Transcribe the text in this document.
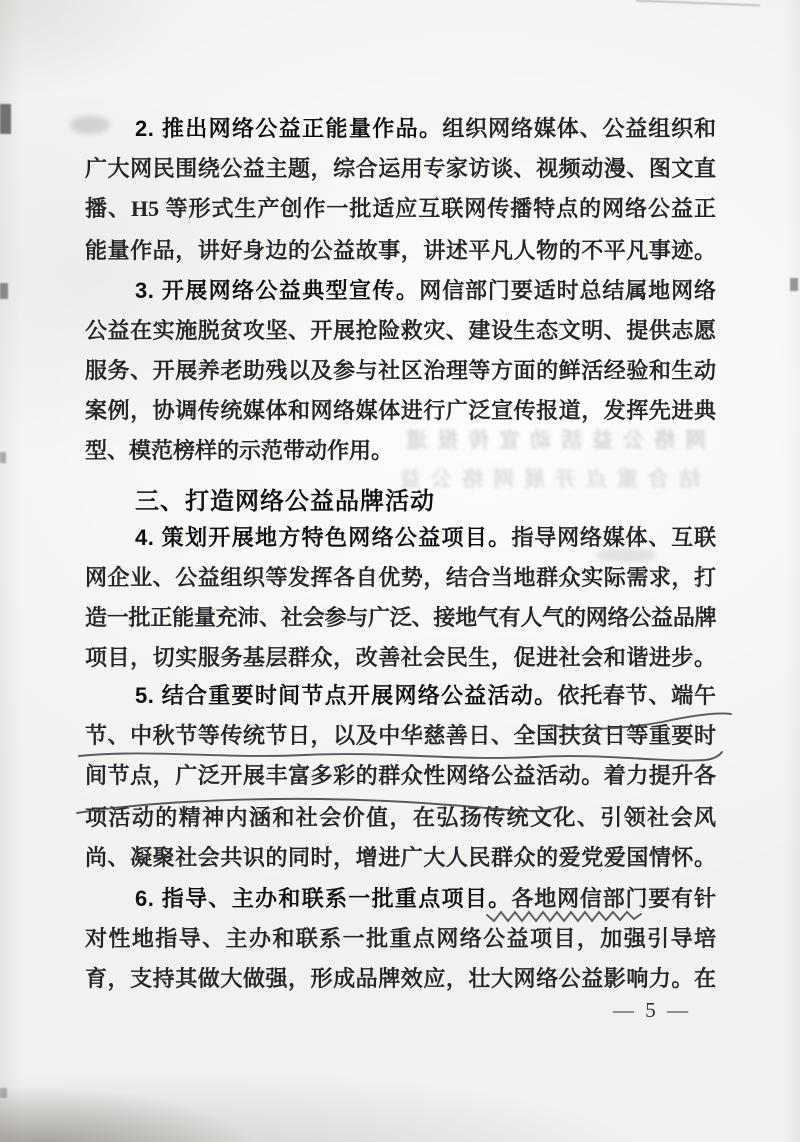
网络公益活动宣传报道
结合重点开展网络公益
2. 推出网络公益正能量作品。组织网络媒体、公益组织和
广大网民围绕公益主题，综合运用专家访谈、视频动漫、图文直
播、H5 等形式生产创作一批适应互联网传播特点的网络公益正
能量作品，讲好身边的公益故事，讲述平凡人物的不平凡事迹。
3. 开展网络公益典型宣传。网信部门要适时总结属地网络
公益在实施脱贫攻坚、开展抢险救灾、建设生态文明、提供志愿
服务、开展养老助残以及参与社区治理等方面的鲜活经验和生动
案例，协调传统媒体和网络媒体进行广泛宣传报道，发挥先进典
型、模范榜样的示范带动作用。
三、打造网络公益品牌活动
4. 策划开展地方特色网络公益项目。指导网络媒体、互联
网企业、公益组织等发挥各自优势，结合当地群众实际需求，打
造一批正能量充沛、社会参与广泛、接地气有人气的网络公益品牌
项目，切实服务基层群众，改善社会民生，促进社会和谐进步。
5. 结合重要时间节点开展网络公益活动。依托春节、端午
节、中秋节等传统节日，以及中华慈善日、全国扶贫日等重要时
间节点，广泛开展丰富多彩的群众性网络公益活动。着力提升各
项活动的精神内涵和社会价值，在弘扬传统文化、引领社会风
尚、凝聚社会共识的同时，增进广大人民群众的爱党爱国情怀。
6. 指导、主办和联系一批重点项目。各地网信部门要有针
对性地指导、主办和联系一批重点网络公益项目，加强引导培
育，支持其做大做强，形成品牌效应，壮大网络公益影响力。在
— 5 —
